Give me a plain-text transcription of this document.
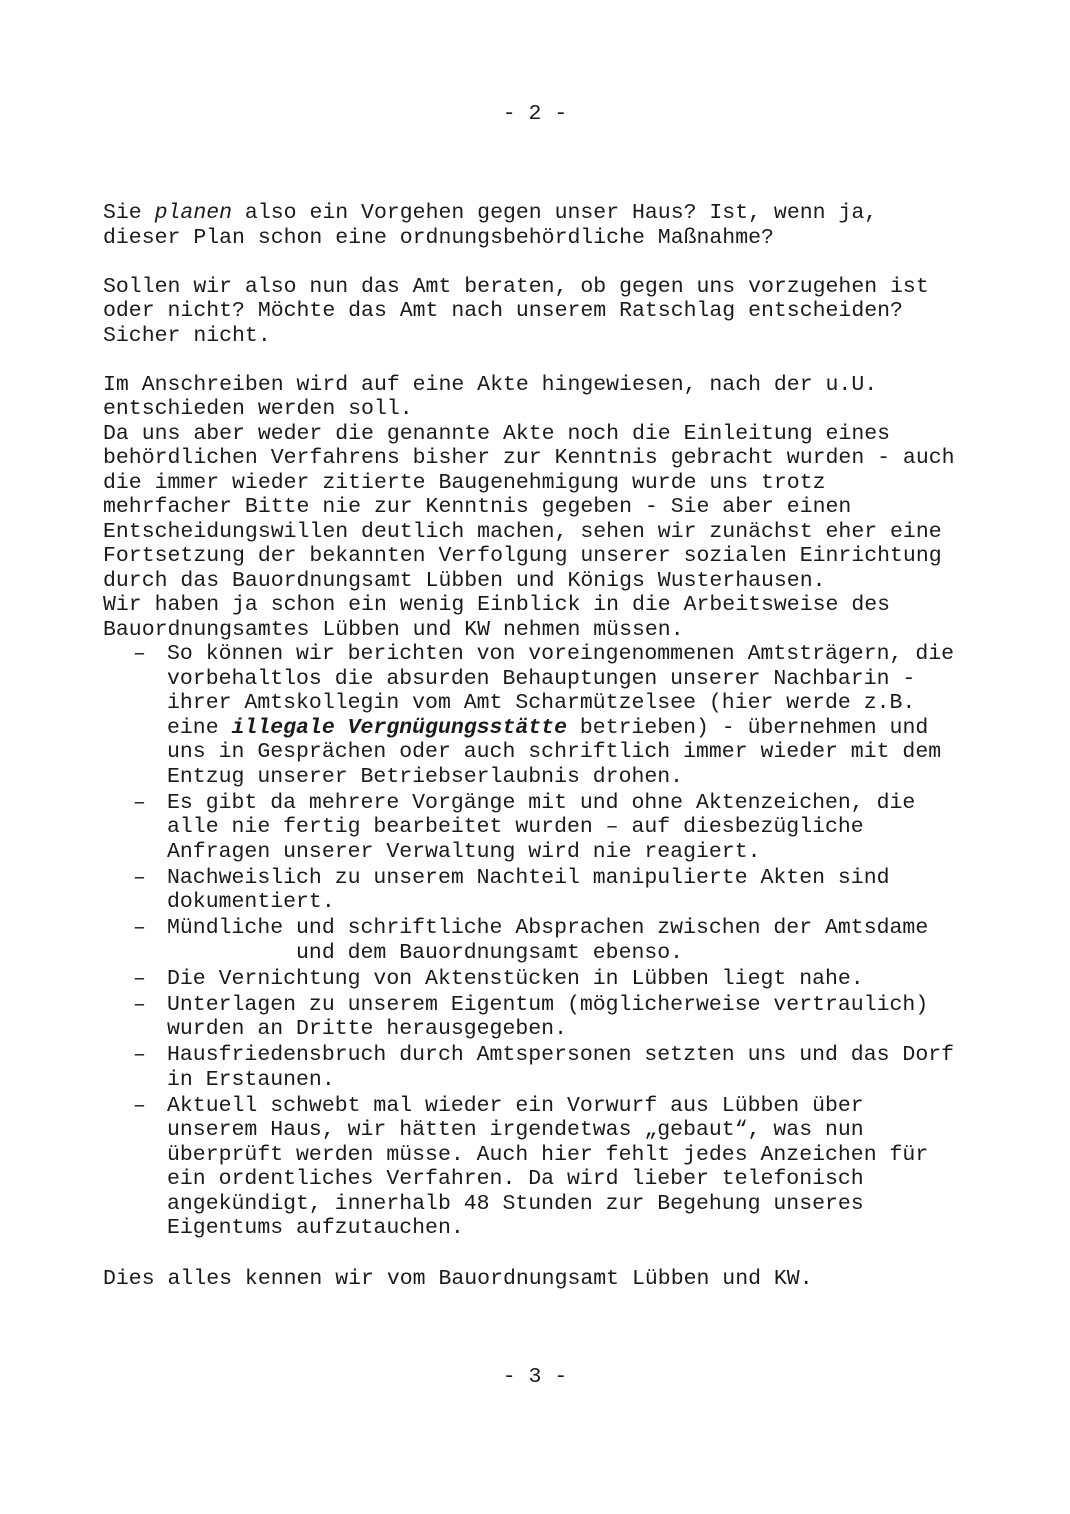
- 2 -

Sie planen also ein Vorgehen gegen unser Haus? Ist, wenn ja,
dieser Plan schon eine ordnungsbehördliche Maßnahme?

Sollen wir also nun das Amt beraten, ob gegen uns vorzugehen ist
oder nicht? Möchte das Amt nach unserem Ratschlag entscheiden?
Sicher nicht.

Im Anschreiben wird auf eine Akte hingewiesen, nach der u.U.
entschieden werden soll.
Da uns aber weder die genannte Akte noch die Einleitung eines
behördlichen Verfahrens bisher zur Kenntnis gebracht wurden - auch
die immer wieder zitierte Baugenehmigung wurde uns trotz
mehrfacher Bitte nie zur Kenntnis gegeben - Sie aber einen
Entscheidungswillen deutlich machen, sehen wir zunächst eher eine
Fortsetzung der bekannten Verfolgung unserer sozialen Einrichtung
durch das Bauordnungsamt Lübben und Königs Wusterhausen.
Wir haben ja schon ein wenig Einblick in die Arbeitsweise des
Bauordnungsamtes Lübben und KW nehmen müssen.

– So können wir berichten von voreingenommenen Amtsträgern, die
vorbehaltlos die absurden Behauptungen unserer Nachbarin -
ihrer Amtskollegin vom Amt Scharmützelsee (hier werde z.B.
eine illegale Vergnügungsstätte betrieben) - übernehmen und
uns in Gesprächen oder auch schriftlich immer wieder mit dem
Entzug unserer Betriebserlaubnis drohen.
– Es gibt da mehrere Vorgänge mit und ohne Aktenzeichen, die
alle nie fertig bearbeitet wurden – auf diesbezügliche
Anfragen unserer Verwaltung wird nie reagiert.
– Nachweislich zu unserem Nachteil manipulierte Akten sind
dokumentiert.
– Mündliche und schriftliche Absprachen zwischen der Amtsdame
und dem Bauordnungsamt ebenso.
– Die Vernichtung von Aktenstücken in Lübben liegt nahe.
– Unterlagen zu unserem Eigentum (möglicherweise vertraulich)
wurden an Dritte herausgegeben.
– Hausfriedensbruch durch Amtspersonen setzten uns und das Dorf
in Erstaunen.
– Aktuell schwebt mal wieder ein Vorwurf aus Lübben über
unserem Haus, wir hätten irgendetwas „gebaut“, was nun
überprüft werden müsse. Auch hier fehlt jedes Anzeichen für
ein ordentliches Verfahren. Da wird lieber telefonisch
angekündigt, innerhalb 48 Stunden zur Begehung unseres
Eigentums aufzutauchen.

Dies alles kennen wir vom Bauordnungsamt Lübben und KW.

- 3 -
